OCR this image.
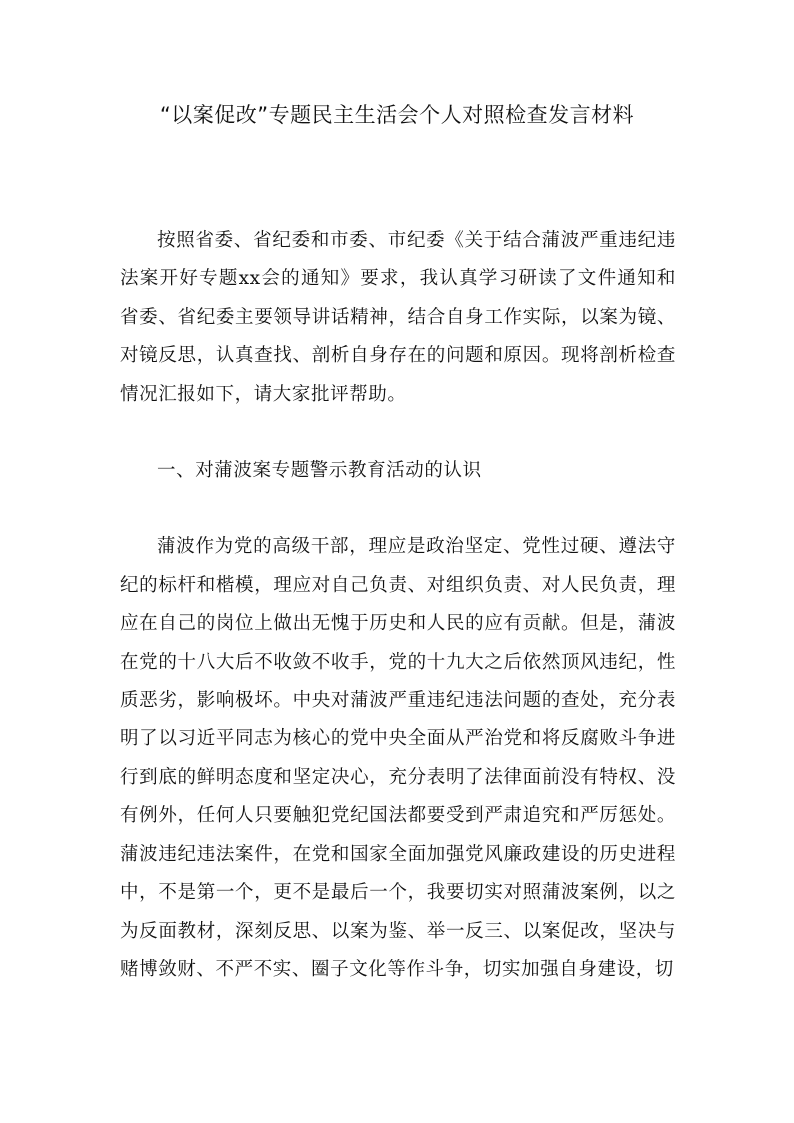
“以案促改”专题民主生活会个人对照检查发言材料

按照省委、省纪委和市委、市纪委《关于结合蒲波严重违纪违法案开好专题xx会的通知》要求，我认真学习研读了文件通知和省委、省纪委主要领导讲话精神，结合自身工作实际，以案为镜、对镜反思，认真查找、剖析自身存在的问题和原因。现将剖析检查情况汇报如下，请大家批评帮助。

一、对蒲波案专题警示教育活动的认识

蒲波作为党的高级干部，理应是政治坚定、党性过硬、遵法守纪的标杆和楷模，理应对自己负责、对组织负责、对人民负责，理应在自己的岗位上做出无愧于历史和人民的应有贡献。但是，蒲波在党的十八大后不收敛不收手，党的十九大之后依然顶风违纪，性质恶劣，影响极坏。中央对蒲波严重违纪违法问题的查处，充分表明了以习近平同志为核心的党中央全面从严治党和将反腐败斗争进行到底的鲜明态度和坚定决心，充分表明了法律面前没有特权、没有例外，任何人只要触犯党纪国法都要受到严肃追究和严厉惩处。蒲波违纪违法案件，在党和国家全面加强党风廉政建设的历史进程中，不是第一个，更不是最后一个，我要切实对照蒲波案例，以之为反面教材，深刻反思、以案为鉴、举一反三、以案促改，坚决与赌博敛财、不严不实、圈子文化等作斗争，切实加强自身建设，切
